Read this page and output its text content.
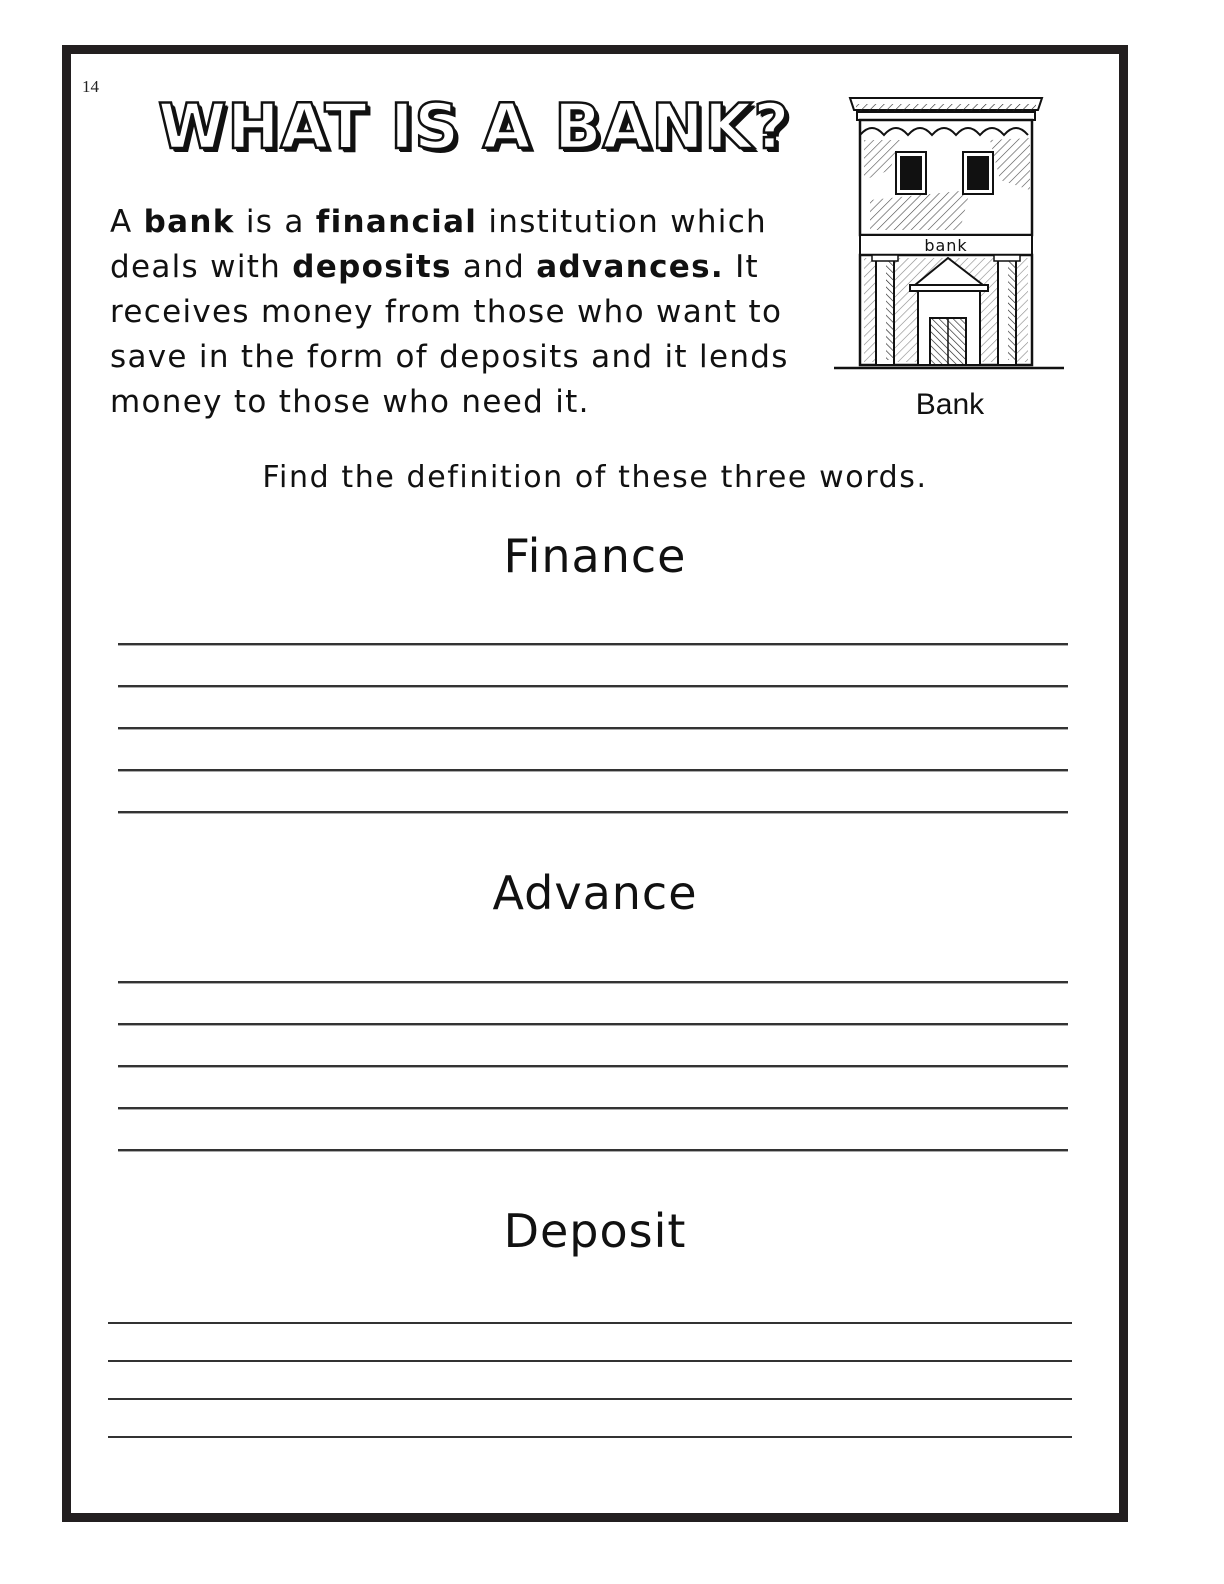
14
WHAT IS A BANK?
A bank is a financial institution which deals with deposits and advances. It receives money from those who want to save in the form of deposits and it lends money to those who need it.
bank
Bank
Find the definition of these three words.
Finance
Advance
Deposit
